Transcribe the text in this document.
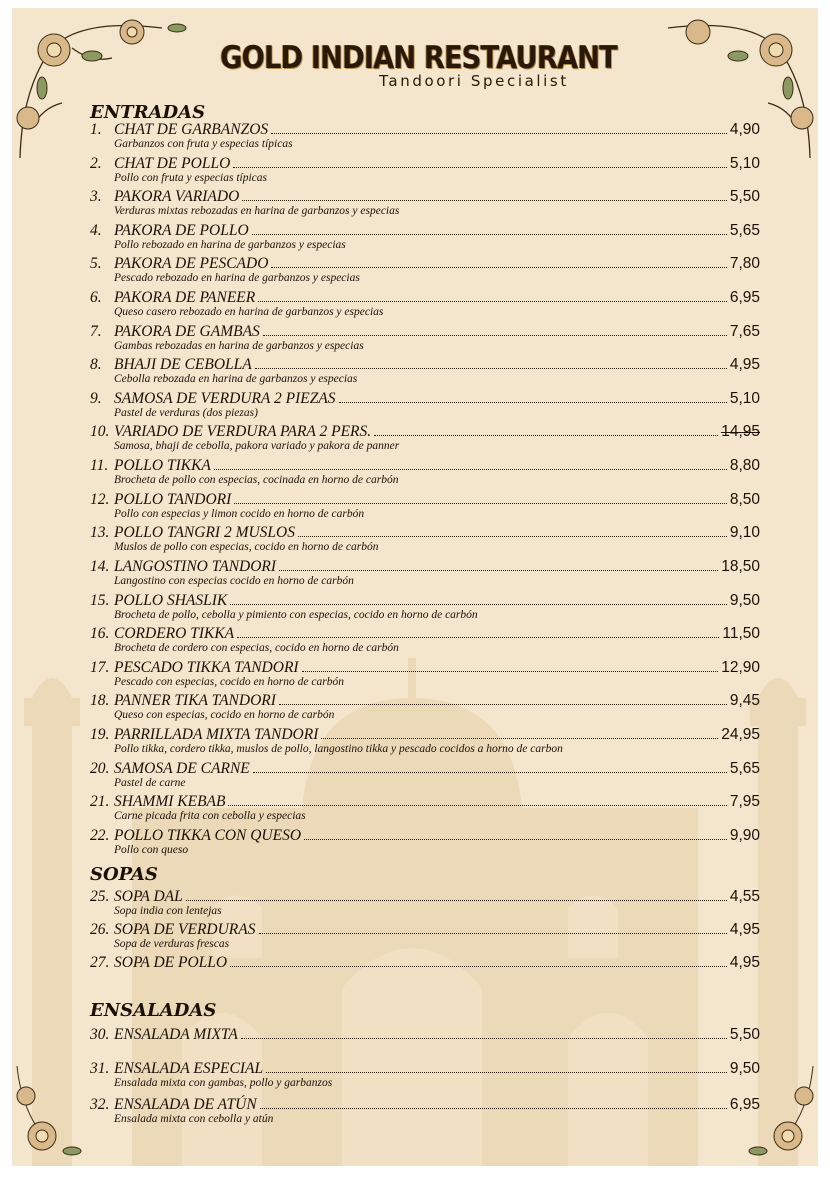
GOLD INDIAN RESTAURANT
Tandoori Specialist
ENTRADAS
1. CHAT DE GARBANZOS	4,90
Garbanzos con fruta y especias típicas
2. CHAT DE POLLO	5,10
Pollo con fruta y especias típicas
3. PAKORA VARIADO	5,50
Verduras mixtas rebozadas en harina de garbanzos y especias
4. PAKORA DE POLLO	5,65
Pollo rebozado en harina de garbanzos y especias
5. PAKORA DE PESCADO	7,80
Pescado rebozado en harina de garbanzos y especias
6. PAKORA DE PANEER	6,95
Queso casero rebozado en harina de garbanzos y especias
7. PAKORA DE GAMBAS	7,65
Gambas rebozadas en harina de garbanzos y especias
8. BHAJI DE CEBOLLA	4,95
Cebolla rebozada en harina de garbanzos y especias
9. SAMOSA DE VERDURA 2 PIEZAS	5,10
Pastel de verduras (dos piezas)
10. VARIADO DE VERDURA PARA 2 PERS.	14,95
Samosa, bhaji de cebolla, pakora variado y pakora de panner
11. POLLO TIKKA	8,80
Brocheta de pollo con especias, cocinada en horno de carbón
12. POLLO TANDORI	8,50
Pollo con especias y limon cocido en horno de carbón
13. POLLO TANGRI 2 MUSLOS	9,10
Muslos de pollo con especias, cocido en horno de carbón
14. LANGOSTINO TANDORI	18,50
Langostino con especias cocido en horno de carbón
15. POLLO SHASLIK	9,50
Brocheta de pollo, cebolla y pimiento con especias, cocido en horno de carbón
16. CORDERO TIKKA	11,50
Brocheta de cordero con especias, cocido en horno de carbón
17. PESCADO TIKKA TANDORI	12,90
Pescado con especias, cocido en horno de carbón
18. PANNER TIKA TANDORI	9,45
Queso con especias, cocido en horno de carbón
19. PARRILLADA MIXTA TANDORI	24,95
Pollo tikka, cordero tikka, muslos de pollo, langostino tikka y pescado cocidos a horno de carbon
20. SAMOSA DE CARNE	5,65
Pastel de carne
21. SHAMMI KEBAB	7,95
Carne picada frita con cebolla y especias
22. POLLO TIKKA CON QUESO	9,90
Pollo con queso
SOPAS
25. SOPA DAL	4,55
Sopa india con lentejas
26. SOPA DE VERDURAS	4,95
Sopa de verduras frescas
27. SOPA DE POLLO	4,95
ENSALADAS
30. ENSALADA MIXTA	5,50
31. ENSALADA ESPECIAL	9,50
Ensalada mixta con gambas, pollo y garbanzos
32. ENSALADA DE ATÚN	6,95
Ensalada mixta con cebolla y atún
